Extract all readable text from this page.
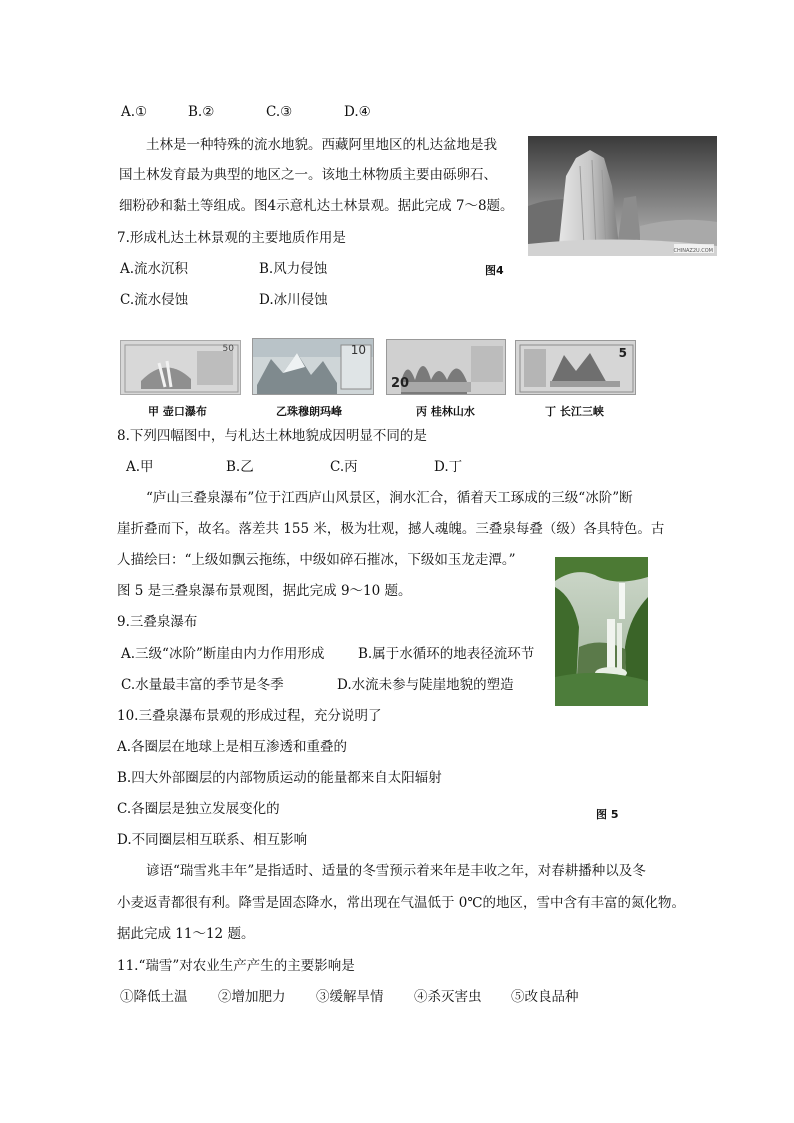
A.①	B.②	C.③	D.④
土林是一种特殊的流水地貌。西藏阿里地区的札达盆地是我
国土林发育最为典型的地区之一。该地土林物质主要由砾卵石、
细粉砂和黏土等组成。图4示意札达土林景观。据此完成 7～8题。
7.形成札达土林景观的主要地质作用是
A.流水沉积	B.风力侵蚀
C.流水侵蚀	D.冰川侵蚀
CHINAZ2U.COM
图4
50	10
20
5
甲 壶口瀑布	乙珠穆朗玛峰	丙 桂林山水	丁 长江三峡
8.下列四幅图中，与札达土林地貌成因明显不同的是
A.甲	B.乙	C.丙	D.丁
“庐山三叠泉瀑布”位于江西庐山风景区，涧水汇合，循着天工琢成的三级“冰阶”断
崖折叠而下，故名。落差共 155 米，极为壮观，撼人魂魄。三叠泉每叠（级）各具特色。古
人描绘曰：“上级如飘云拖练，中级如碎石摧冰，下级如玉龙走潭。”
图 5 是三叠泉瀑布景观图，据此完成 9～10 题。
9.三叠泉瀑布
A.三级“冰阶”断崖由内力作用形成 B.属于水循环的地表径流环节
C.水量最丰富的季节是冬季	D.水流未参与陡崖地貌的塑造
10.三叠泉瀑布景观的形成过程，充分说明了
A.各圈层在地球上是相互渗透和重叠的
B.四大外部圈层的内部物质运动的能量都来自太阳辐射
C.各圈层是独立发展变化的
D.不同圈层相互联系、相互影响
图 5
谚语“瑞雪兆丰年”是指适时、适量的冬雪预示着来年是丰收之年，对春耕播种以及冬
小麦返青都很有利。降雪是固态降水，常出现在气温低于 0℃的地区，雪中含有丰富的氮化物。
据此完成 11～12 题。
11.“瑞雪”对农业生产产生的主要影响是
①降低土温 ②增加肥力 ③缓解旱情 ④杀灭害虫 ⑤改良品种
